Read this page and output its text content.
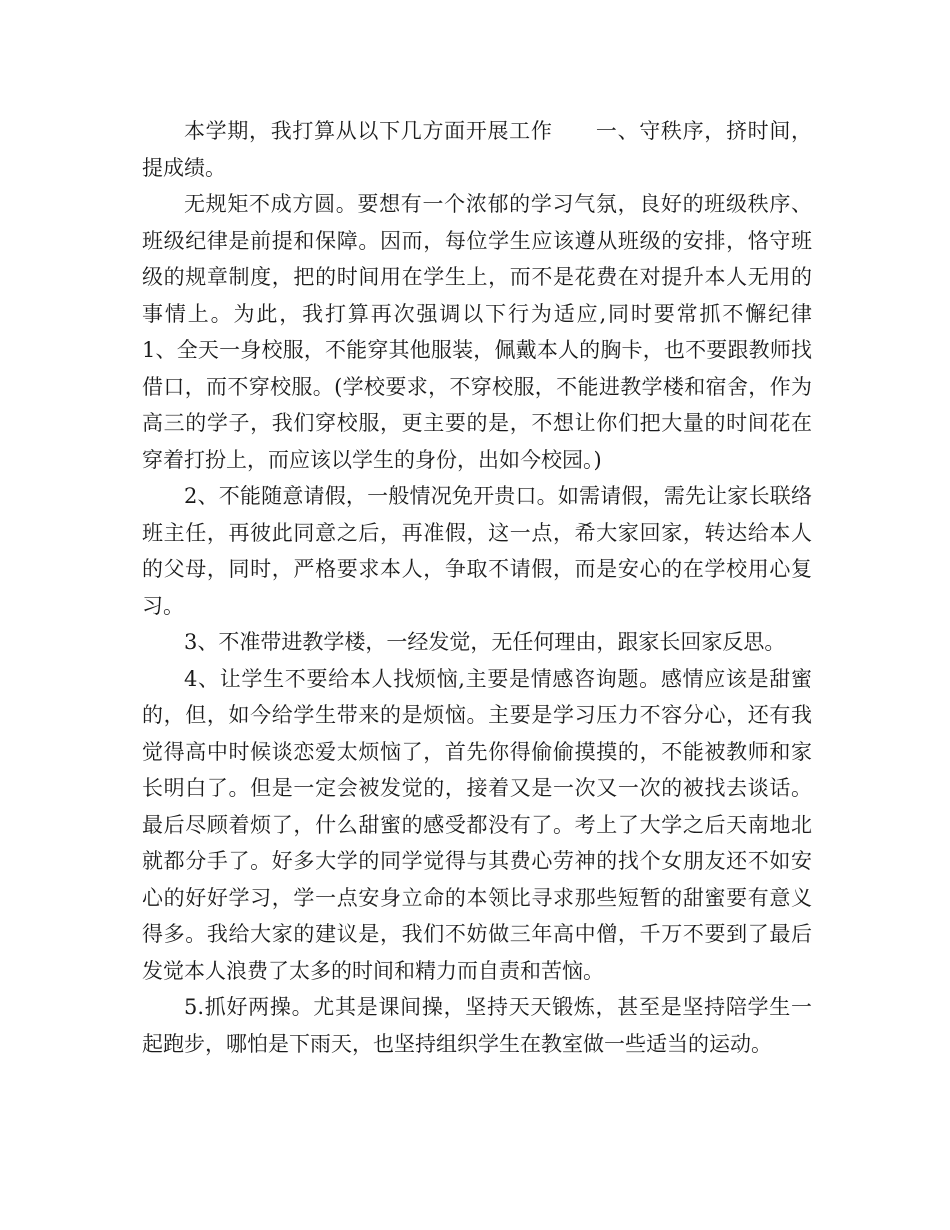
本学期，我打算从以下几方面开展工作　　一、守秩序，挤时间，提成绩。

无规矩不成方圆。要想有一个浓郁的学习气氛，良好的班级秩序、班级纪律是前提和保障。因而，每位学生应该遵从班级的安排，恪守班级的规章制度，把的时间用在学生上，而不是花费在对提升本人无用的事情上。为此，我打算再次强调以下行为适应,同时要常抓不懈纪律　　1、全天一身校服，不能穿其他服装，佩戴本人的胸卡，也不要跟教师找借口，而不穿校服。(学校要求，不穿校服，不能进教学楼和宿舍，作为高三的学子，我们穿校服，更主要的是，不想让你们把大量的时间花在穿着打扮上，而应该以学生的身份，出如今校园。)

2、不能随意请假，一般情况免开贵口。如需请假，需先让家长联络班主任，再彼此同意之后，再准假，这一点，希大家回家，转达给本人的父母，同时，严格要求本人，争取不请假，而是安心的在学校用心复习。

3、不准带进教学楼，一经发觉，无任何理由，跟家长回家反思。

4、让学生不要给本人找烦恼,主要是情感咨询题。感情应该是甜蜜的，但，如今给学生带来的是烦恼。主要是学习压力不容分心，还有我觉得高中时候谈恋爱太烦恼了，首先你得偷偷摸摸的，不能被教师和家长明白了。但是一定会被发觉的，接着又是一次又一次的被找去谈话。最后尽顾着烦了，什么甜蜜的感受都没有了。考上了大学之后天南地北就都分手了。好多大学的同学觉得与其费心劳神的找个女朋友还不如安心的好好学习，学一点安身立命的本领比寻求那些短暂的甜蜜要有意义得多。我给大家的建议是，我们不妨做三年高中僧，千万不要到了最后发觉本人浪费了太多的时间和精力而自责和苦恼。

5.抓好两操。尤其是课间操，坚持天天锻炼，甚至是坚持陪学生一起跑步，哪怕是下雨天，也坚持组织学生在教室做一些适当的运动。
